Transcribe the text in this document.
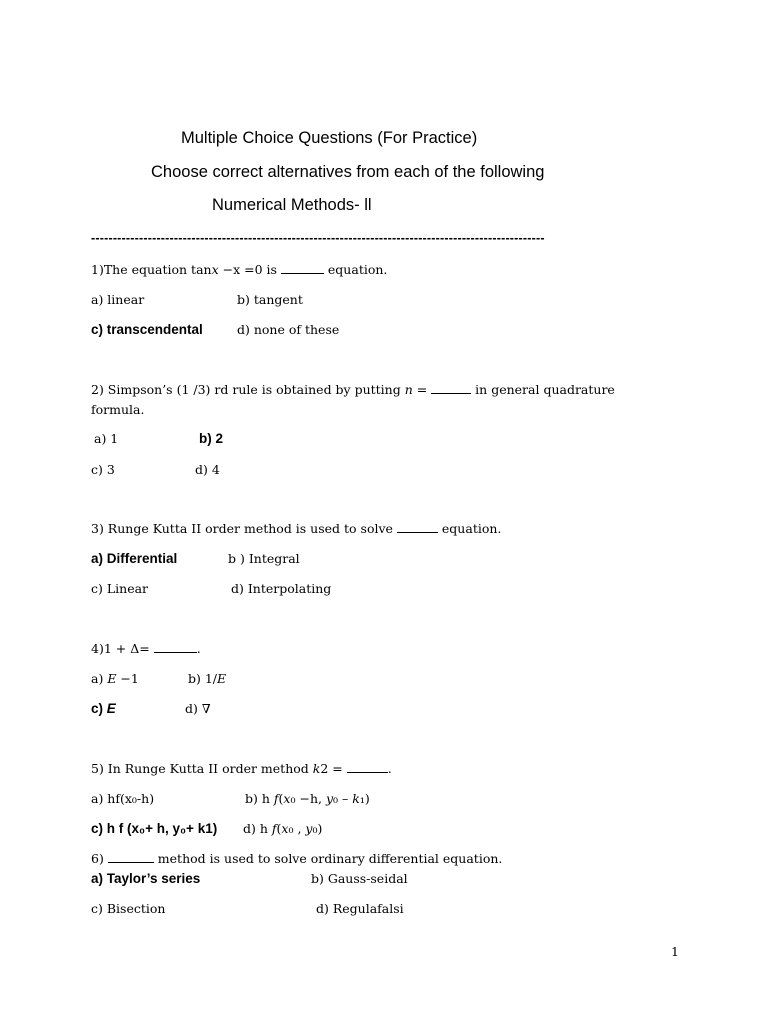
Multiple Choice Questions (For Practice)
Choose correct alternatives from each of the following
Numerical Methods- ll
--------------------------------------------------------------------------------------------------------
1)The equation tanx −x =0 is	equation.
a) linear	b) tangent
c) transcendental	d) none of these
2) Simpson’s (1 /3) rd rule is obtained by putting n =	in general quadrature
formula.
a) 1	b) 2
c) 3	d) 4
3) Runge Kutta II order method is used to solve	equation.
a) Differential	b ) Integral
c) Linear	d) Interpolating
4)1 + Δ=	.
a) E −1	b) 1/E
c) E	d) ∇
5) In Runge Kutta II order method k2 =	.
a) hf(x₀-h)	b) h f(x₀ −h, y₀ – k₁)
c) h f (x₀+ h, y₀+ k1) d) h f(x₀ , y₀)
6)	method is used to solve ordinary differential equation.
a) Taylor’s series	b) Gauss-seidal
c) Bisection	d) Regulafalsi
1
